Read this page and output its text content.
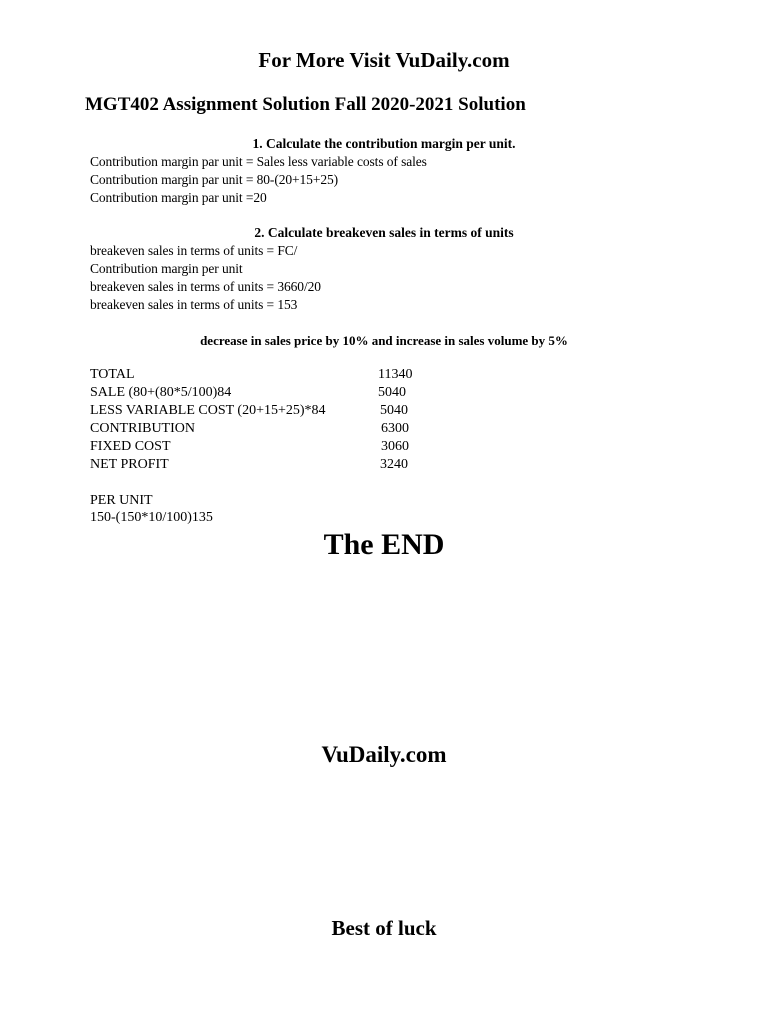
For More Visit VuDaily.com
MGT402 Assignment Solution Fall 2020-2021 Solution
1. Calculate the contribution margin per unit.
Contribution margin par unit = Sales less variable costs of sales
Contribution margin par unit = 80-(20+15+25)
Contribution margin par unit =20
2. Calculate breakeven sales in terms of units
breakeven sales in terms of units = FC/
Contribution margin per unit
breakeven sales in terms of units = 3660/20
breakeven sales in terms of units = 153
decrease in sales price by 10% and increase in sales volume by 5%
TOTAL	11340
SALE (80+(80*5/100)84	5040
LESS VARIABLE COST (20+15+25)*84	5040
CONTRIBUTION	6300
FIXED COST	3060
NET PROFIT	3240
PER UNIT
150-(150*10/100)135
The END
VuDaily.com
Best of luck
